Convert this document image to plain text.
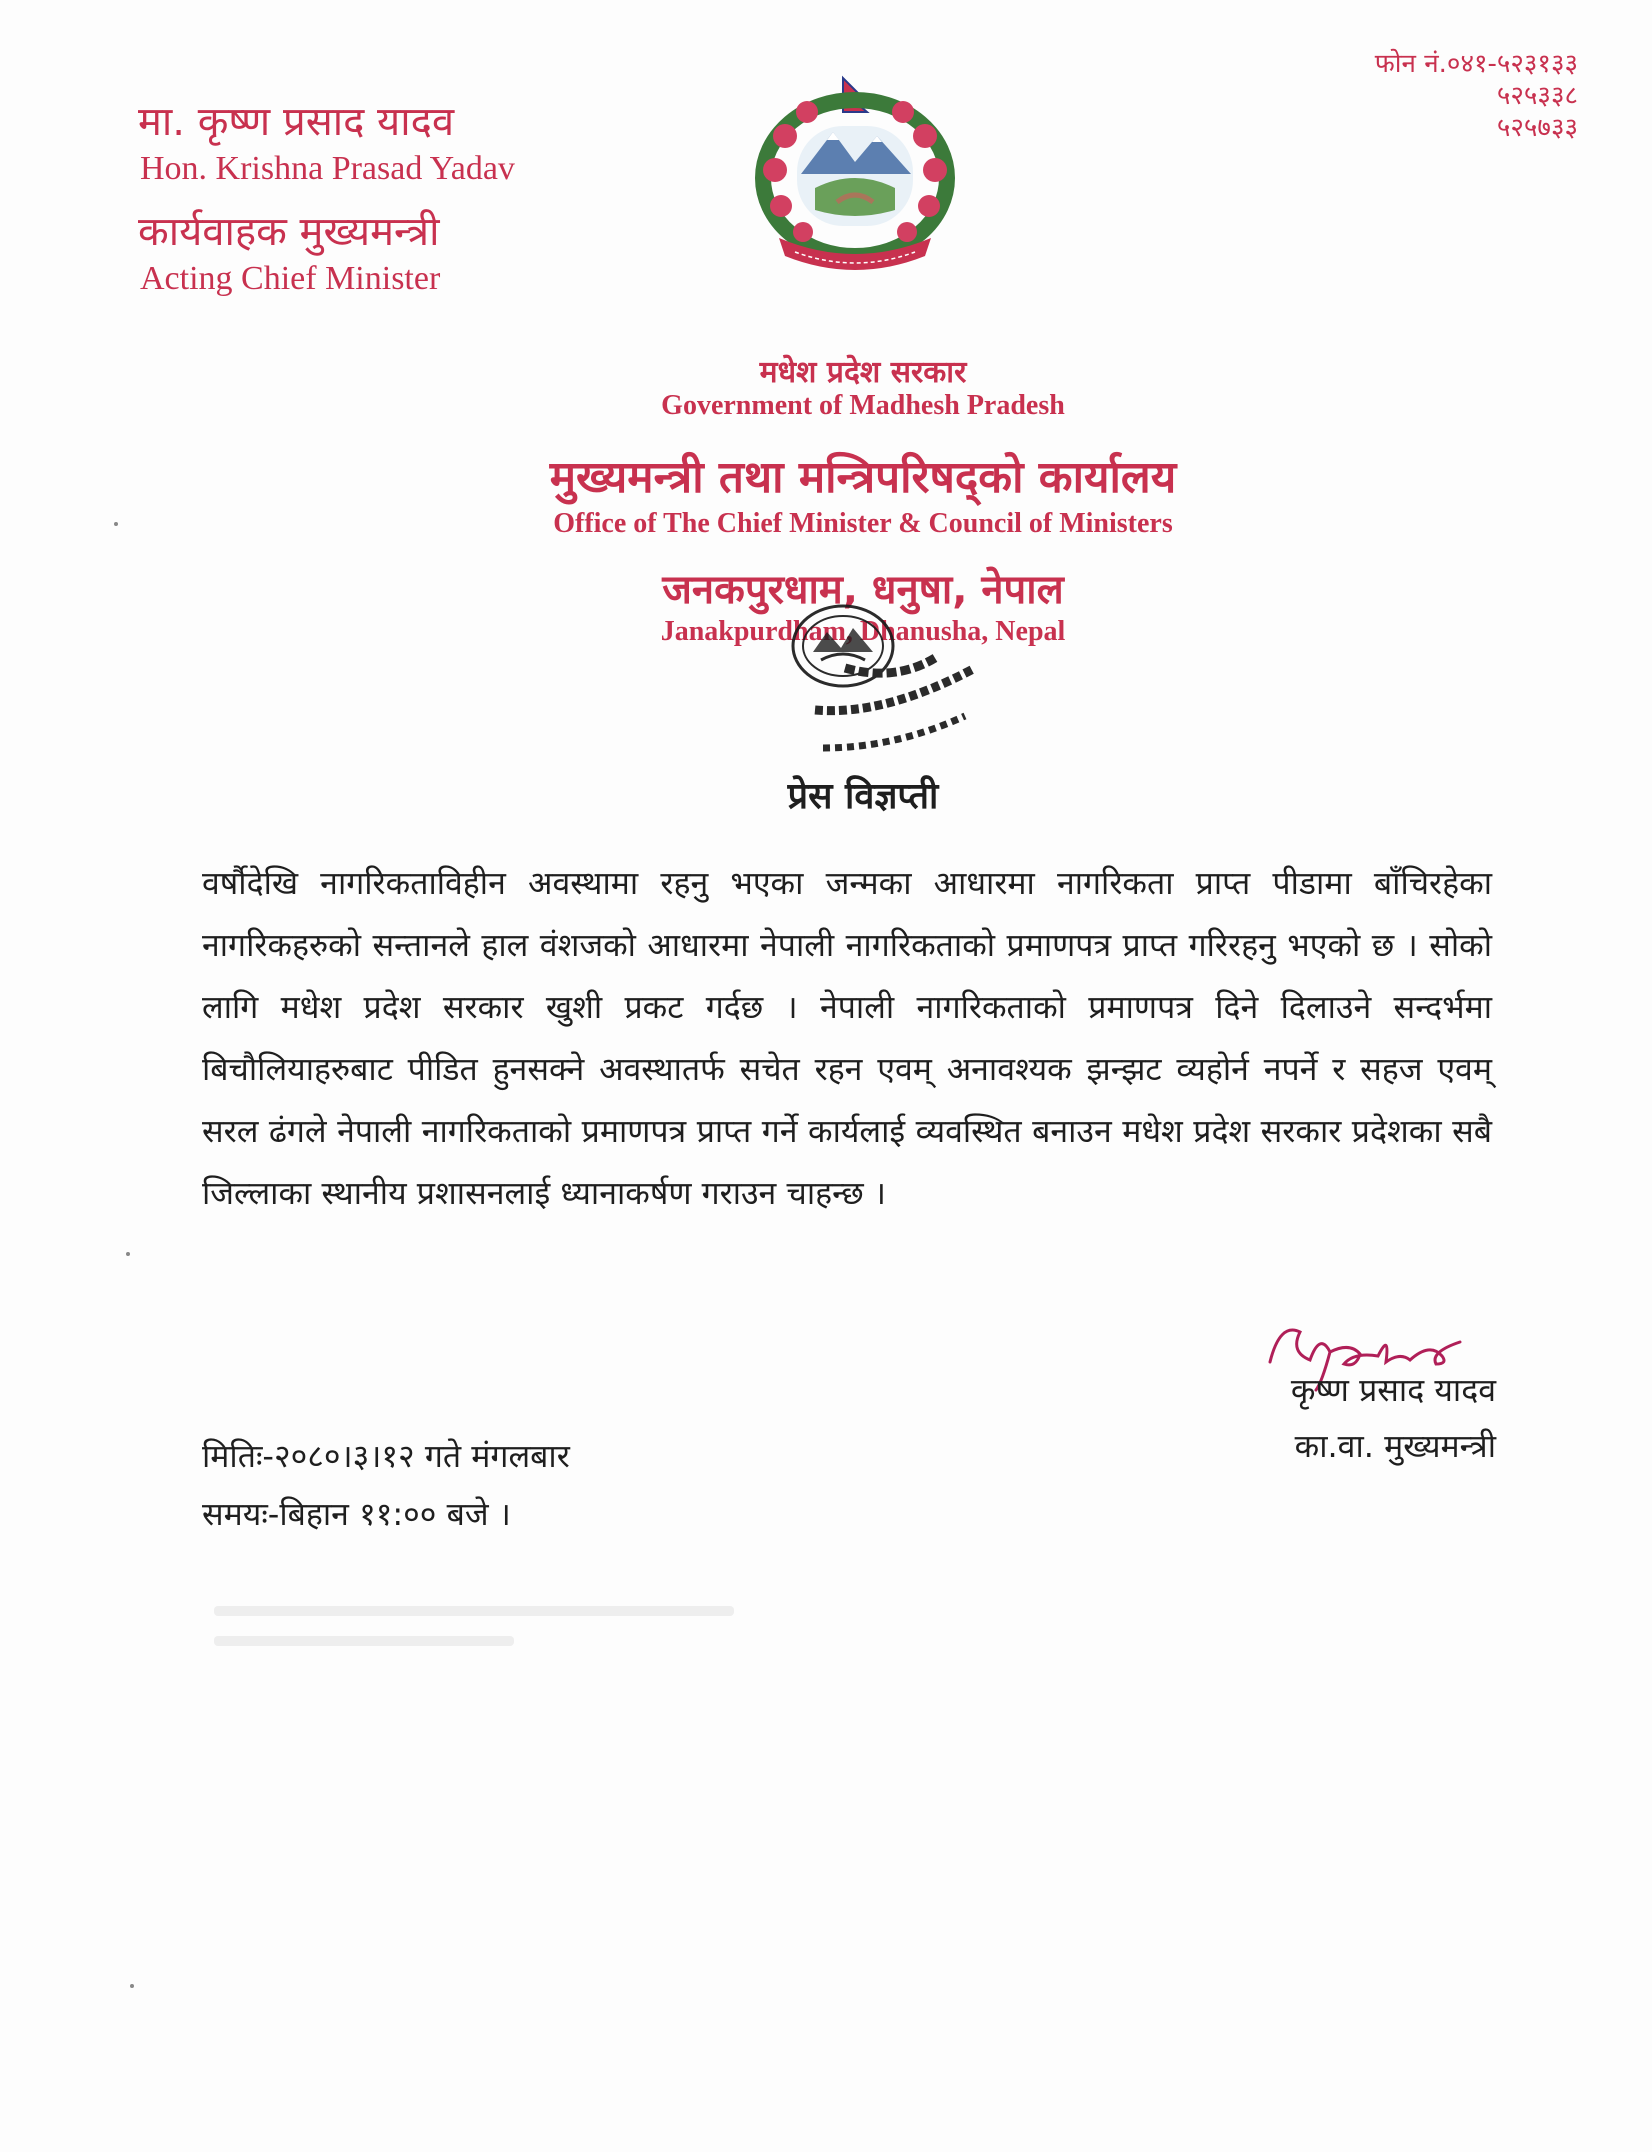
मा. कृष्ण प्रसाद यादव
Hon. Krishna Prasad Yadav
कार्यवाहक मुख्यमन्त्री
Acting Chief Minister
फोन नं.०४१-५२३१३३
५२५३३८
५२५७३३
मधेश प्रदेश सरकार
Government of Madhesh Pradesh
मुख्यमन्त्री तथा मन्त्रिपरिषद्को कार्यालय
Office of The Chief Minister & Council of Ministers
जनकपुरधाम, धनुषा, नेपाल
Janakpurdham, Dhanusha, Nepal
प्रेस विज्ञप्ती
वर्षौदेखि नागरिकताविहीन अवस्थामा रहनु भएका जन्मका आधारमा नागरिकता प्राप्त पीडामा बाँचिरहेका नागरिकहरुको सन्तानले हाल वंशजको आधारमा नेपाली नागरिकताको प्रमाणपत्र प्राप्त गरिरहनु भएको छ । सोको लागि मधेश प्रदेश सरकार खुशी प्रकट गर्दछ । नेपाली नागरिकताको प्रमाणपत्र दिने दिलाउने सन्दर्भमा बिचौलियाहरुबाट पीडित हुनसक्ने अवस्थातर्फ सचेत रहन एवम् अनावश्यक झन्झट व्यहोर्न नपर्ने र सहज एवम् सरल ढंगले नेपाली नागरिकताको प्रमाणपत्र प्राप्त गर्ने कार्यलाई व्यवस्थित बनाउन मधेश प्रदेश सरकार प्रदेशका सबै जिल्लाका स्थानीय प्रशासनलाई ध्यानाकर्षण गराउन चाहन्छ ।
कृष्ण प्रसाद यादव
का.वा. मुख्यमन्त्री
मितिः-२०८०।३।१२ गते मंगलबार
समयः-बिहान ११:०० बजे ।
